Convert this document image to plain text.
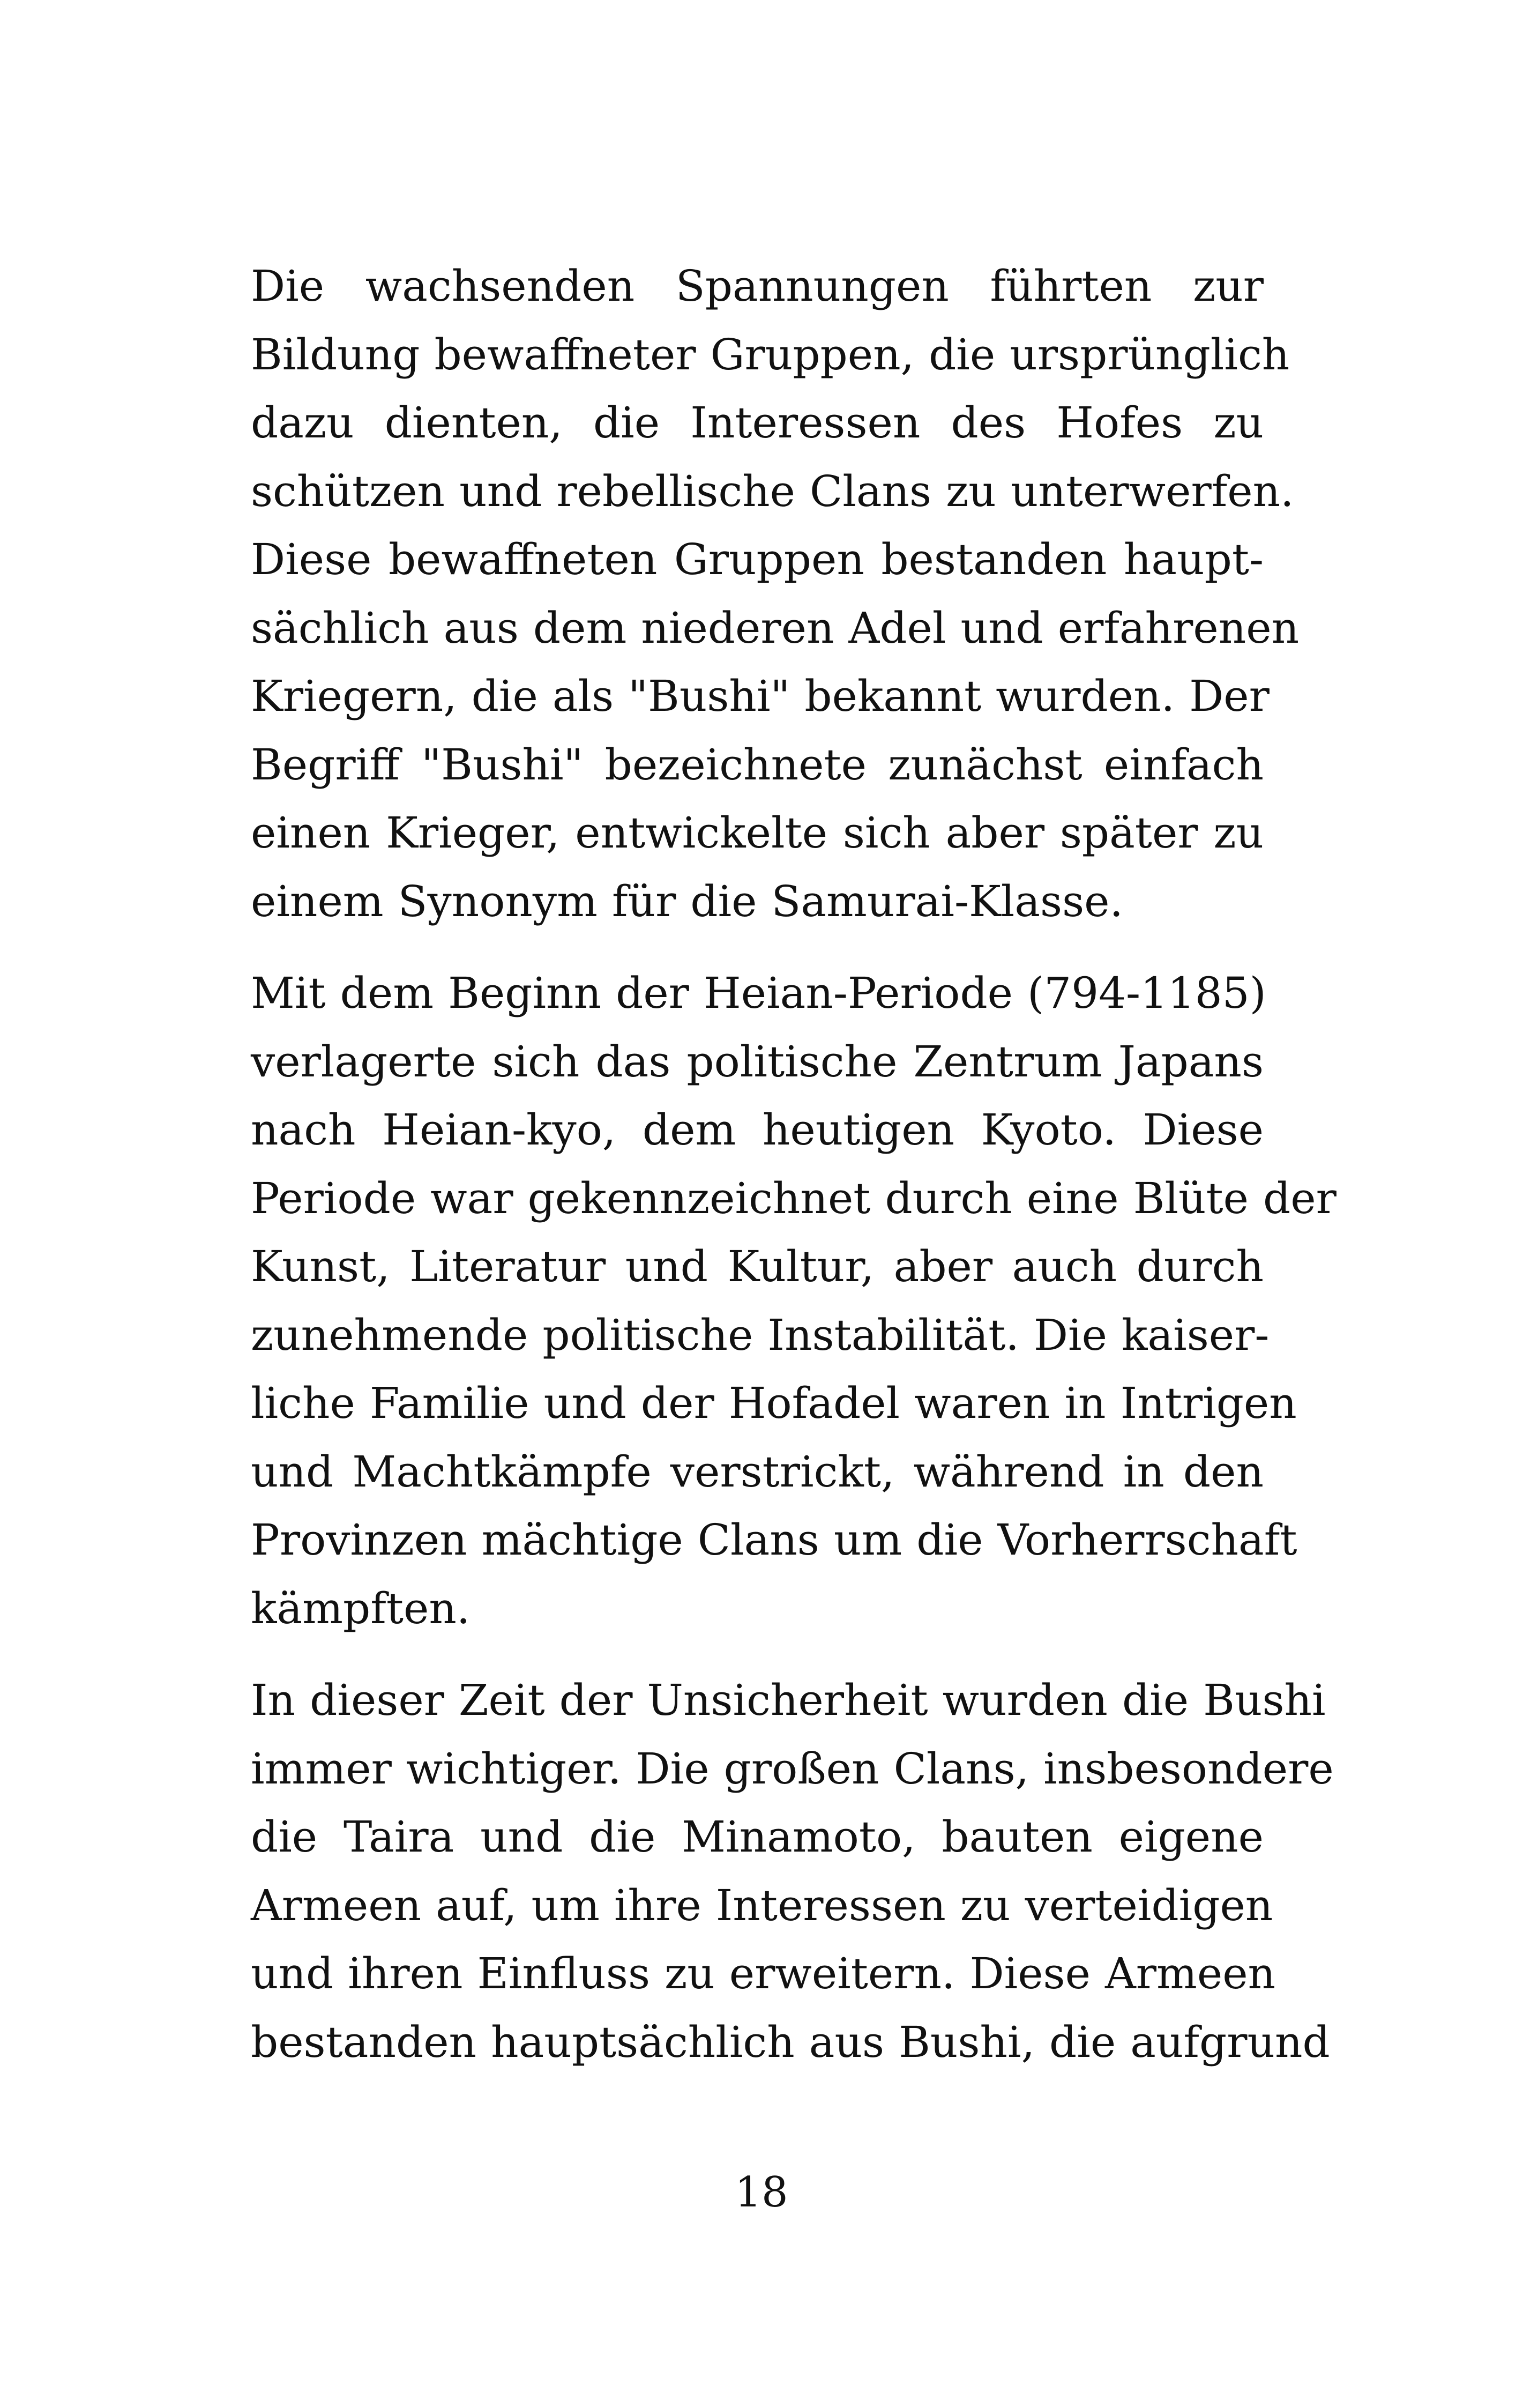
Die wachsenden Spannungen führten zur
Bildung bewaffneter Gruppen, die ursprünglich
dazu dienten, die Interessen des Hofes zu
schützen und rebellische Clans zu unterwerfen.
Diese bewaffneten Gruppen bestanden haupt-
sächlich aus dem niederen Adel und erfahrenen
Kriegern, die als "Bushi" bekannt wurden. Der
Begriff "Bushi" bezeichnete zunächst einfach
einen Krieger, entwickelte sich aber später zu
einem Synonym für die Samurai-Klasse.

Mit dem Beginn der Heian-Periode (794-1185)
verlagerte sich das politische Zentrum Japans
nach Heian-kyo, dem heutigen Kyoto. Diese
Periode war gekennzeichnet durch eine Blüte der
Kunst, Literatur und Kultur, aber auch durch
zunehmende politische Instabilität. Die kaiser-
liche Familie und der Hofadel waren in Intrigen
und Machtkämpfe verstrickt, während in den
Provinzen mächtige Clans um die Vorherrschaft
kämpften.

In dieser Zeit der Unsicherheit wurden die Bushi
immer wichtiger. Die großen Clans, insbesondere
die Taira und die Minamoto, bauten eigene
Armeen auf, um ihre Interessen zu verteidigen
und ihren Einfluss zu erweitern. Diese Armeen
bestanden hauptsächlich aus Bushi, die aufgrund

18
